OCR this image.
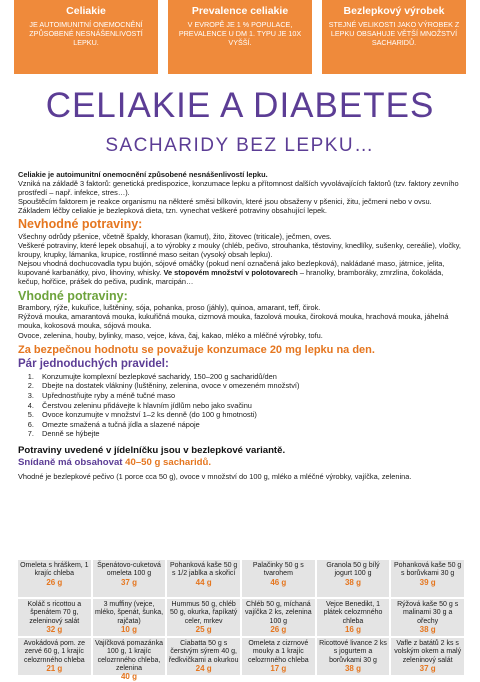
Celiakie
JE AUTOIMUNITNÍ ONEMOCNĚNÍ ZPŮSOBENÉ NESNÁŠENLIVOSTÍ LEPKU.
Prevalence celiakie
V EVROPĚ JE 1 % POPULACE, PREVALENCE U DM 1. TYPU JE 10X VYŠŠÍ.
Bezlepkový výrobek
STEJNÉ VELIKOSTI JAKO VÝROBEK Z LEPKU OBSAHUJE VĚTŠÍ MNOŽSTVÍ SACHARIDŮ.
CELIAKIE A DIABETES
SACHARIDY BEZ LEPKU…

Celiakie je autoimunitní onemocnění způsobené nesnášenlivostí lepku.
Vzniká na základě 3 faktorů: genetická predispozice, konzumace lepku a přítomnost dalších vyvolávajících faktorů (tzv. faktory zevního prostředí – např. infekce, stres…).
Spouštěcím faktorem je reakce organismu na některé směsi bílkovin, které jsou obsaženy v pšenici, žitu, ječmeni nebo v ovsu.
Základem léčby celiakie je bezlepková dieta, tzn. vynechat veškeré potraviny obsahující lepek.

Nevhodné potraviny:

Všechny odrůdy pšenice, včetně špaldy, khorasan (kamut), žito, žitovec (triticale), ječmen, oves.
Veškeré potraviny, které lepek obsahují, a to výrobky z mouky (chléb, pečivo, strouhanka, těstoviny, knedlíky, sušenky, cereálie), vločky, kroupy, krupky, lámanka, krupice, rostlinné maso seitan (vysoký obsah lepku).
Nejsou vhodná dochucovadla typu bujón, sójové omáčky (pokud není označená jako bezlepková), nakládané maso, játrnice, jelita, kupované karbanátky, pivo, lihoviny, whisky. Ve stopovém množství v polotovarech – hranolky, bramboráky, zmrzlina, čokoláda, kečup, hořčice, prášek do pečiva, pudink, marcipán…

Vhodné potraviny:

Brambory, rýže, kukuřice, luštěniny, sója, pohanka, proso (jáhly), quinoa, amarant, teff, čirok.
Rýžová mouka, amarantová mouka, kukuřičná mouka, cizrnová mouka, fazolová mouka, čiroková mouka, hrachová mouka, jáhelná mouka, kokosová mouka, sójová mouka.
Ovoce, zelenina, houby, bylinky, maso, vejce, káva, čaj, kakao, mléko a mléčné výrobky, tofu.

Za bezpečnou hodnotu se považuje konzumace 20 mg lepku na den.
Pár jednoduchých pravidel:
1. Konzumujte komplexní bezlepkové sacharidy, 150–200 g sacharidů/den
2. Dbejte na dostatek vlákniny (luštěniny, zelenina, ovoce v omezeném množství)
3. Upřednostňujte ryby a méně tučné maso
4. Čerstvou zeleninu přidávejte k hlavním jídlům nebo jako svačinu
5. Ovoce konzumujte v množství 1–2 ks denně (do 100 g hmotnosti)
6. Omezte smažená a tučná jídla a slazené nápoje
7. Denně se hýbejte
Potraviny uvedené v jídelníčku jsou v bezlepkové variantě.
Snídaně má obsahovat 40–50 g sacharidů.

Vhodné je bezlepkové pečivo (1 porce cca 50 g), ovoce v množství do 100 g, mléko a mléčné výrobky, vajíčka, zelenina.

Omeleta s hráškem, 1 krajíc chleba
26 g
Špenátovo-cuketová omeleta 100 g
37 g
Pohanková kaše 50 g s 1/2 jablka a skořicí
44 g
Palačinky 50 g s tvarohem
46 g
Granola 50 g bílý jogurt 100 g
38 g
Pohanková kaše 50 g s borůvkami 30 g
39 g
Koláč s ricottou a špenátem 70 g, zeleninový salát
32 g
3 muffiny (vejce, mléko, špenát, šunka, rajčata)
10 g
Hummus 50 g, chléb 50 g, okurka, řapíkatý celer, mrkev
25 g
Chléb 50 g, míchaná vajíčka 2 ks, zelenina 100 g
26 g
Vejce Benedikt, 1 plátek celozrnného chleba
16 g
Rýžová kaše 50 g s malinami 30 g a ořechy
38 g
Avokádová pom. ze zervé 60 g, 1 krajíc celozrnného chleba
21 g
Vajíčková pomazánka 100 g, 1 krajíc celozrnného chleba, zelenina
40 g
Ciabatta 50 g s čerstvým sýrem 40 g, ředkvičkami a okurkou
24 g
Omeleta z cizrnové mouky a 1 krajíc celozrnného chleba
17 g
Ricottové livance 2 ks s jogurtem a borůvkami 30 g
38 g
Vafle z batátů 2 ks s volským okem a malý zeleninový salát
37 g
